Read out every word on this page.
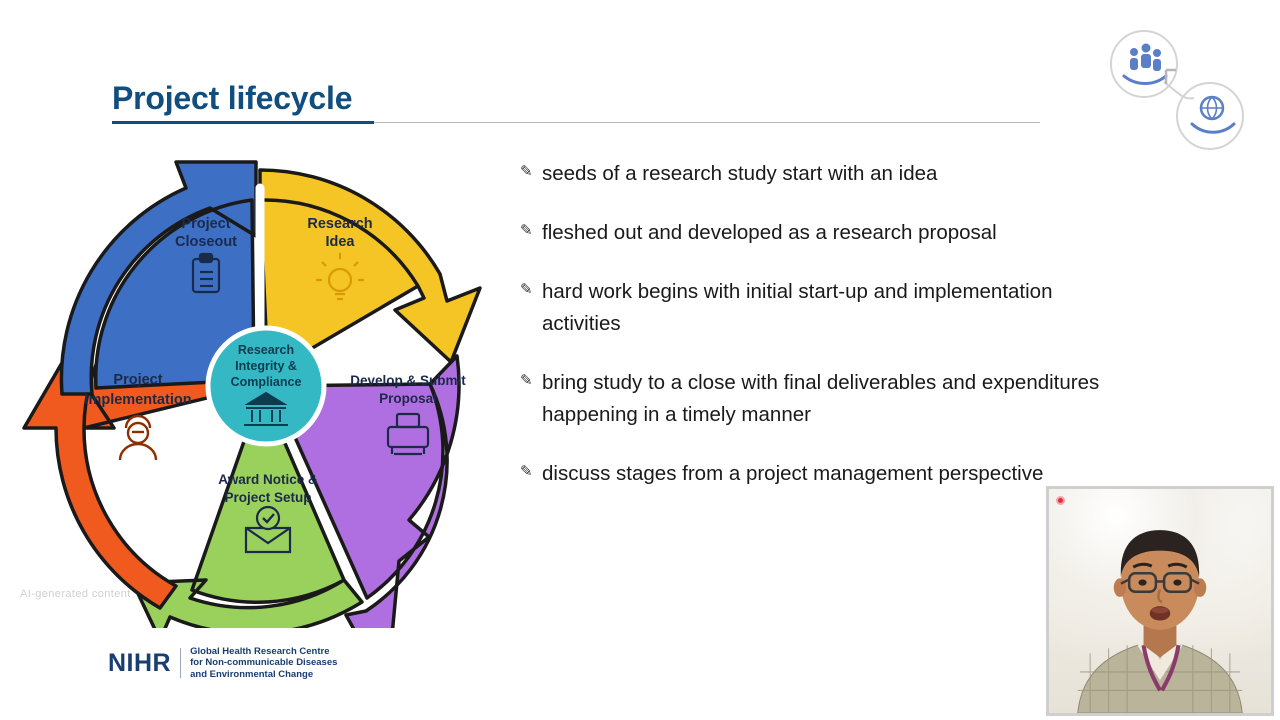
Project lifecycle
Project
Closeout
Research
Idea
Develop & Submit
Proposal
Award Notice &
Project Setup
Project
Implementation
Research
Integrity &
Compliance
AI-generated content
NIHR Global Health Research Centre
for Non-communicable Diseases
and Environmental Change
✎ seeds of a research study start with an idea
✎ fleshed out and developed as a research proposal
✎ hard work begins with initial start-up and implementation activities
✎ bring study to a close with final deliverables and expenditures happening in a timely manner
✎ discuss stages from a project management perspective
